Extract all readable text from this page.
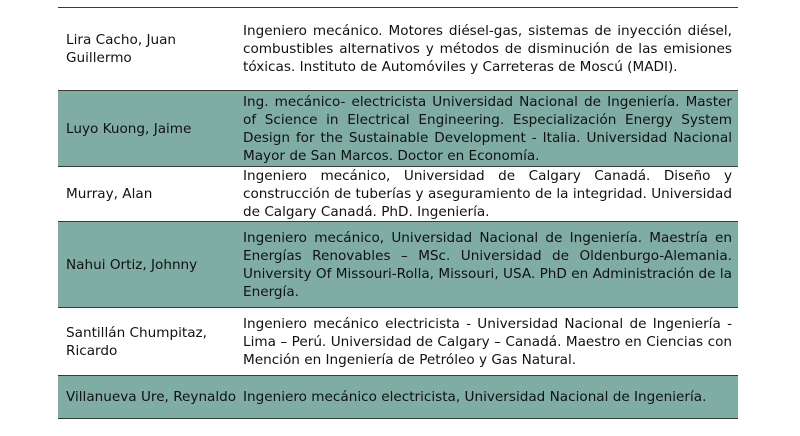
Lira Cacho, Juan Guillermo
Ingeniero mecánico. Motores diésel-gas, sistemas de inyección diésel, combustibles alternativos y métodos de disminución de las emisiones tóxicas. Instituto de Automóviles y Carreteras de Moscú (MADI).
Luyo Kuong, Jaime
Ing. mecánico- electricista Universidad Nacional de Ingeniería. Master of Science in Electrical Engineering. Especialización Energy System Design for the Sustainable Development - Italia. Universidad Nacional Mayor de San Marcos. Doctor en Economía.
Murray, Alan
Ingeniero mecánico, Universidad de Calgary Canadá. Diseño y construcción de tuberías y aseguramiento de la integridad. Universidad de Calgary Canadá. PhD. Ingeniería.
Nahui Ortiz, Johnny
Ingeniero mecánico, Universidad Nacional de Ingeniería. Maestría en Energías Renovables – MSc. Universidad de Oldenburgo-Alemania. University Of Missouri-Rolla, Missouri, USA. PhD en Administración de la Energía.
Santillán Chumpitaz, Ricardo
Ingeniero mecánico electricista - Universidad Nacional de Ingeniería - Lima – Perú. Universidad de Calgary – Canadá. Maestro en Ciencias con Mención en Ingeniería de Petróleo y Gas Natural.
Villanueva Ure, Reynaldo Ingeniero mecánico electricista, Universidad Nacional de Ingeniería.
